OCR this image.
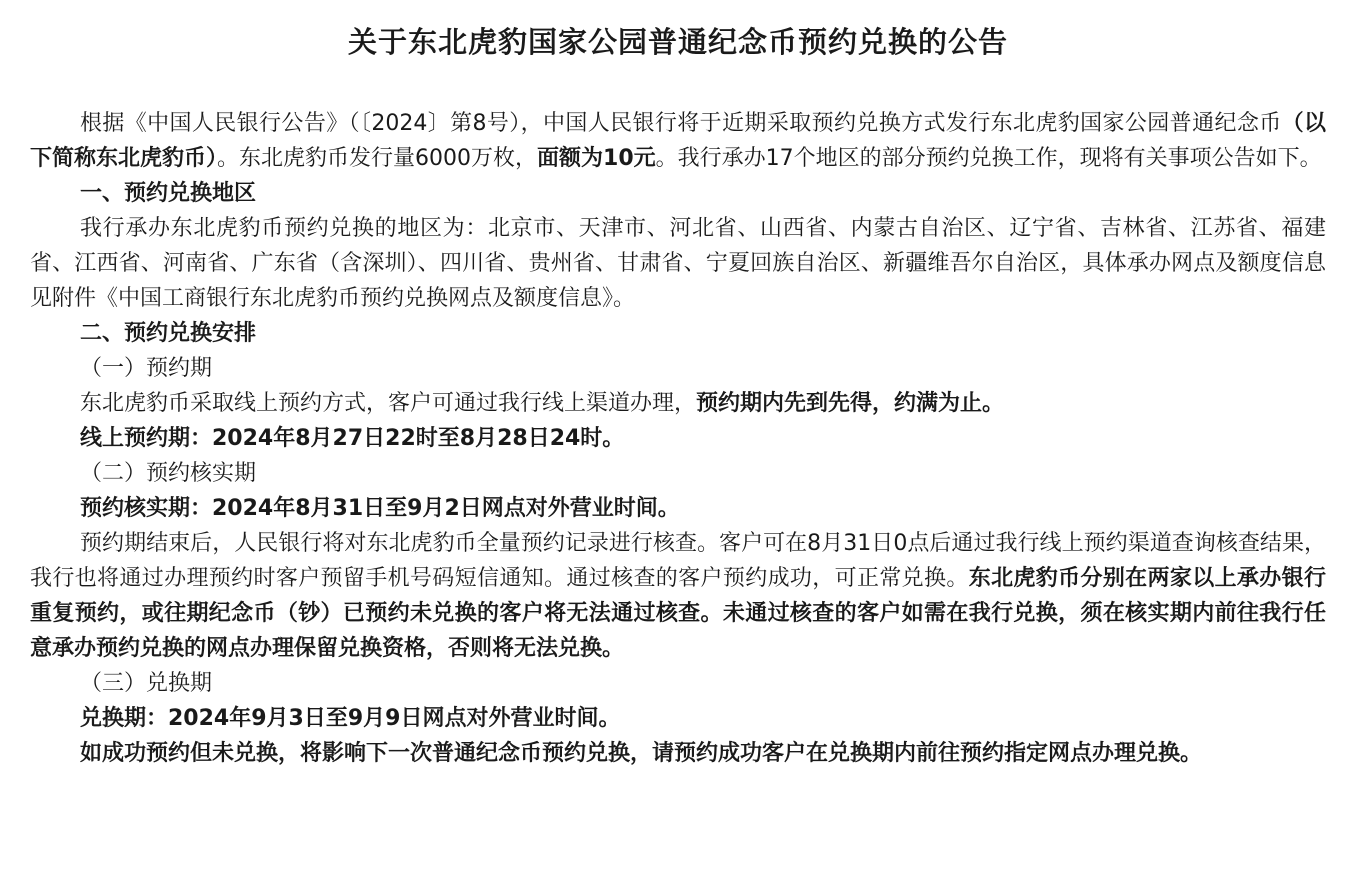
关于东北虎豹国家公园普通纪念币预约兑换的公告

根据《中国人民银行公告》（〔2024〕第8号），中国人民银行将于近期采取预约兑换方式发行东北虎豹国家公园普通纪念币（以下简称东北虎豹币）。东北虎豹币发行量6000万枚，面额为10元。我行承办17个地区的部分预约兑换工作，现将有关事项公告如下。

一、预约兑换地区

我行承办东北虎豹币预约兑换的地区为：北京市、天津市、河北省、山西省、内蒙古自治区、辽宁省、吉林省、江苏省、福建省、江西省、河南省、广东省（含深圳）、四川省、贵州省、甘肃省、宁夏回族自治区、新疆维吾尔自治区，具体承办网点及额度信息见附件《中国工商银行东北虎豹币预约兑换网点及额度信息》。

二、预约兑换安排

（一）预约期

东北虎豹币采取线上预约方式，客户可通过我行线上渠道办理，预约期内先到先得，约满为止。

线上预约期：2024年8月27日22时至8月28日24时。

（二）预约核实期

预约核实期：2024年8月31日至9月2日网点对外营业时间。

预约期结束后，人民银行将对东北虎豹币全量预约记录进行核查。客户可在8月31日0点后通过我行线上预约渠道查询核查结果，我行也将通过办理预约时客户预留手机号码短信通知。通过核查的客户预约成功，可正常兑换。东北虎豹币分别在两家以上承办银行重复预约，或往期纪念币（钞）已预约未兑换的客户将无法通过核查。未通过核查的客户如需在我行兑换，须在核实期内前往我行任意承办预约兑换的网点办理保留兑换资格，否则将无法兑换。

（三）兑换期

兑换期：2024年9月3日至9月9日网点对外营业时间。

如成功预约但未兑换，将影响下一次普通纪念币预约兑换，请预约成功客户在兑换期内前往预约指定网点办理兑换。
